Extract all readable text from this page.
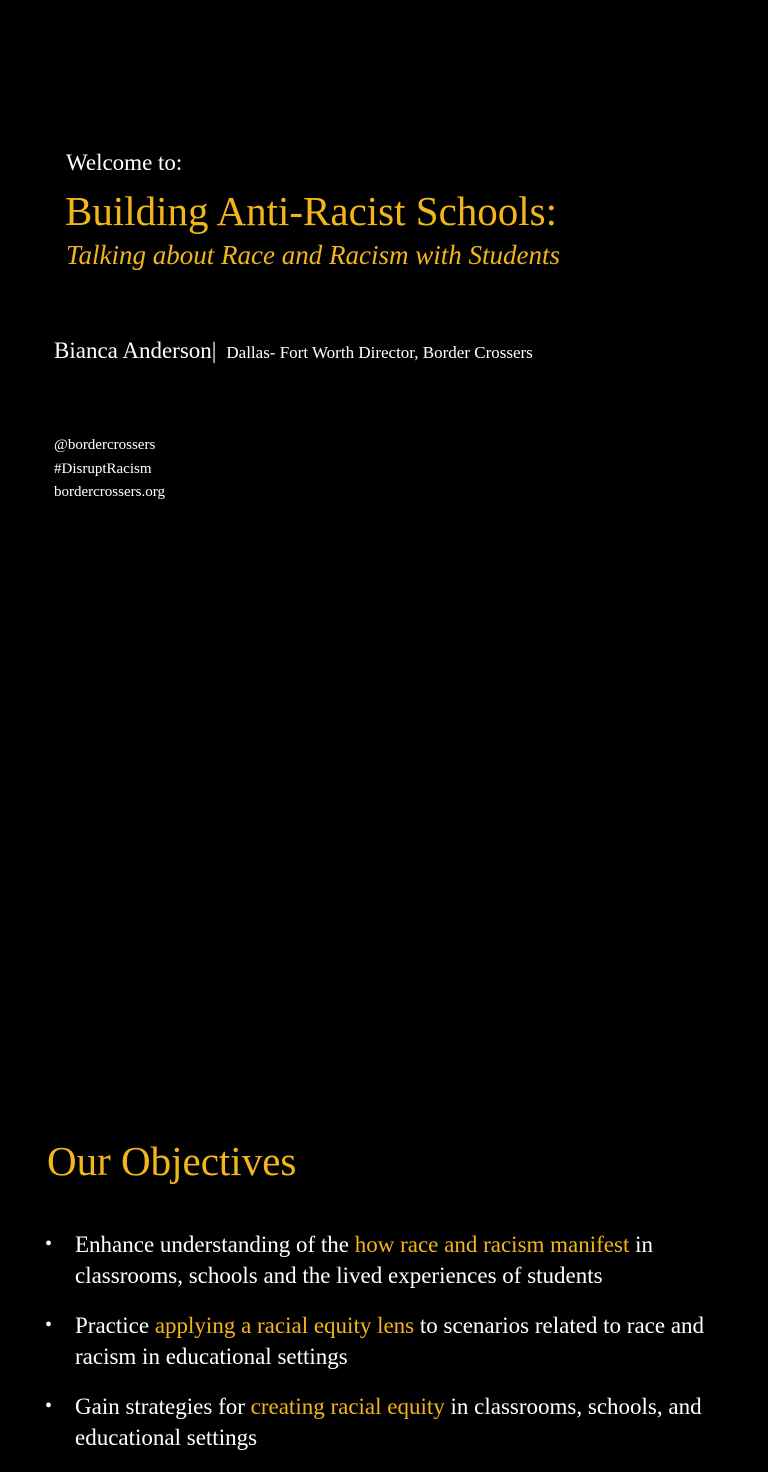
Welcome to:
Building Anti-Racist Schools:
Talking about Race and Racism with Students
Bianca Anderson| Dallas- Fort Worth Director, Border Crossers
@bordercrossers
#DisruptRacism
bordercrossers.org
Our Objectives
• Enhance understanding of the how race and racism manifest in classrooms, schools and the lived experiences of students
• Practice applying a racial equity lens to scenarios related to race and racism in educational settings
• Gain strategies for creating racial equity in classrooms, schools, and educational settings
